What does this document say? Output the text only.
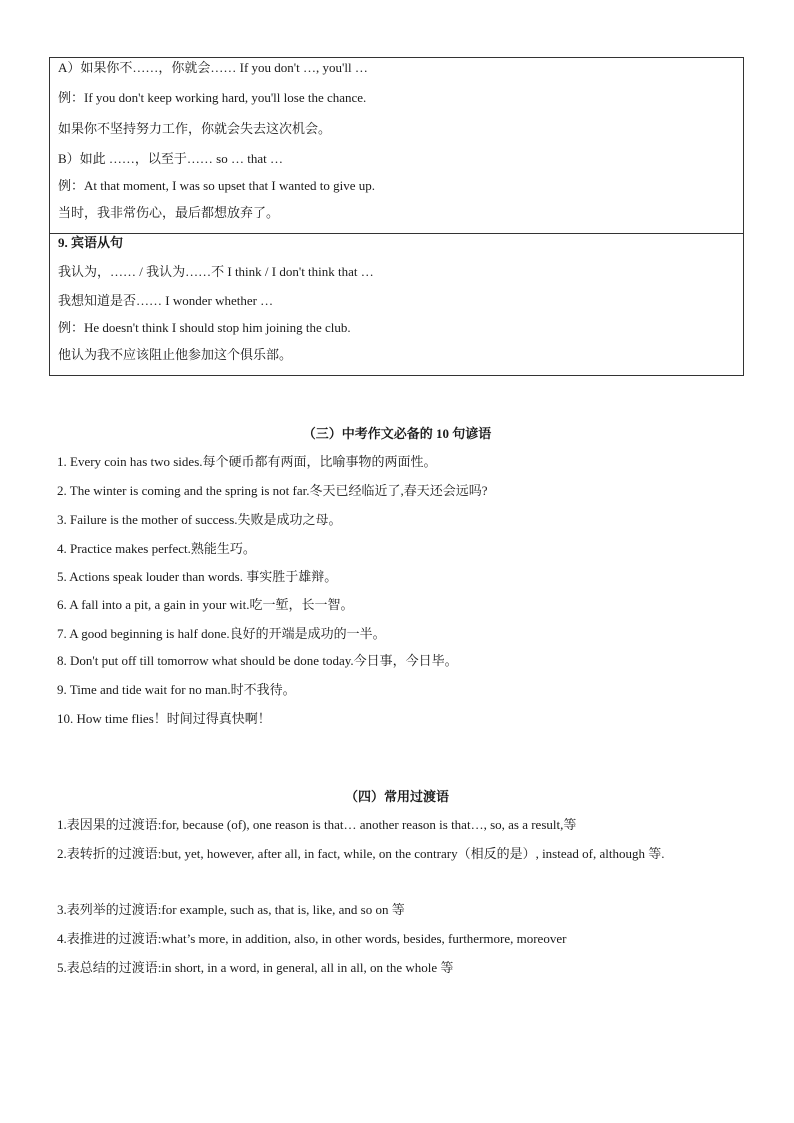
A）如果你不……，你就会…… If you don't …, you'll …
例：If you don't keep working hard, you'll lose the chance.
如果你不坚持努力工作，你就会失去这次机会。
B）如此 ……，以至于…… so … that …
例：At that moment, I was so upset that I wanted to give up.
当时，我非常伤心，最后都想放弃了。
9. 宾语从句
我认为，…… / 我认为……不 I think / I don't think that …
我想知道是否…… I wonder whether …
例：He doesn't think I should stop him joining the club.
他认为我不应该阻止他参加这个俱乐部。
（三）中考作文必备的 10 句谚语
1. Every coin has two sides.每个硬币都有两面，比喻事物的两面性。
2. The winter is coming and the spring is not far.冬天已经临近了,春天还会远吗?
3. Failure is the mother of success.失败是成功之母。
4. Practice makes perfect.熟能生巧。
5. Actions speak louder than words. 事实胜于雄辩。
6. A fall into a pit, a gain in your wit.吃一堑，长一智。
7. A good beginning is half done.良好的开端是成功的一半。
8. Don't put off till tomorrow what should be done today.今日事，今日毕。
9. Time and tide wait for no man.时不我待。
10. How time flies！时间过得真快啊！
（四）常用过渡语
1.表因果的过渡语:for, because (of), one reason is that… another reason is that…, so, as a result,等
2.表转折的过渡语:but, yet, however, after all, in fact, while, on the contrary（相反的是）, instead of, although 等.
3.表列举的过渡语:for example, such as, that is, like, and so on 等
4.表推进的过渡语:what’s more, in addition, also, in other words, besides, furthermore, moreover
5.表总结的过渡语:in short, in a word, in general, all in all, on the whole 等
